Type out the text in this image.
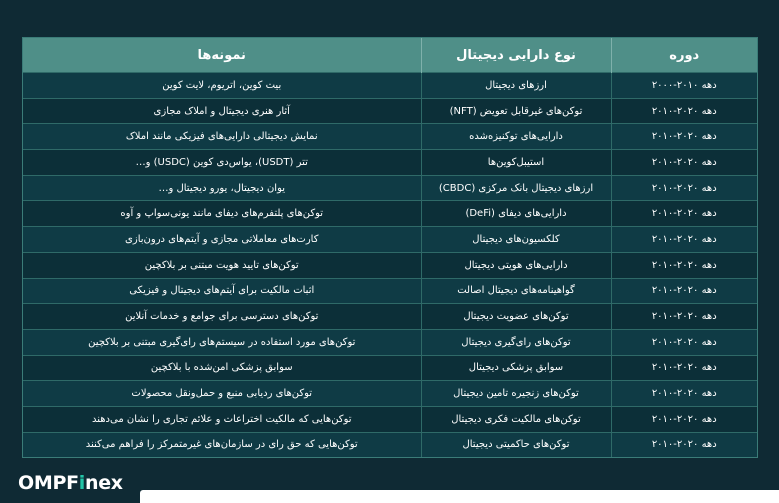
دوره	نوع دارایی دیجیتال	نمونه‌ها
دهه ۲۰۱۰-۲۰۰۰	ارزهای دیجیتال	بیت کوین، اتریوم، لایت کوین
دهه ۲۰۲۰-۲۰۱۰	توکن‌های غیرقابل تعویض (NFT)	آثار هنری دیجیتال و املاک مجازی
دهه ۲۰۲۰-۲۰۱۰	دارایی‌های توکنیزه‌شده	نمایش دیجیتالی دارایی‌های فیزیکی مانند املاک
دهه ۲۰۲۰-۲۰۱۰	استیبل‌کوین‌ها	تتر (USDT)، یواس‌دی کوین (USDC) و…
دهه ۲۰۲۰-۲۰۱۰	ارزهای دیجیتال بانک مرکزی (CBDC)	یوان دیجیتال، یورو دیجیتال و…
دهه ۲۰۲۰-۲۰۱۰	دارایی‌های دیفای (DeFi)	توکن‌های پلتفرم‌های دیفای مانند یونی‌سواپ و آوه
دهه ۲۰۲۰-۲۰۱۰	کلکسیون‌های دیجیتال	کارت‌های معاملاتی مجازی و آیتم‌های درون‌بازی
دهه ۲۰۲۰-۲۰۱۰	دارایی‌های هویتی دیجیتال	توکن‌های تایید هویت مبتنی بر بلاکچین
دهه ۲۰۲۰-۲۰۱۰	گواهینامه‌های دیجیتال اصالت	اثبات مالکیت برای آیتم‌های دیجیتال و فیزیکی
دهه ۲۰۲۰-۲۰۱۰	توکن‌های عضویت دیجیتال	توکن‌های دسترسی برای جوامع و خدمات آنلاین
دهه ۲۰۲۰-۲۰۱۰	توکن‌های رای‌گیری دیجیتال	توکن‌های مورد استفاده در سیستم‌های رای‌گیری مبتنی بر بلاکچین
دهه ۲۰۲۰-۲۰۱۰	سوابق پزشکی دیجیتال	سوابق پزشکی امن‌شده با بلاکچین
دهه ۲۰۲۰-۲۰۱۰	توکن‌های زنجیره تامین دیجیتال	توکن‌های ردیابی منبع و حمل‌ونقل محصولات
دهه ۲۰۲۰-۲۰۱۰	توکن‌های مالکیت فکری دیجیتال	توکن‌هایی که مالکیت اختراعات و علائم تجاری را نشان می‌دهند
دهه ۲۰۲۰-۲۰۱۰	توکن‌های حاکمیتی دیجیتال	توکن‌هایی که حق رای در سازمان‌های غیرمتمرکز را فراهم می‌کنند
OMPFinex
